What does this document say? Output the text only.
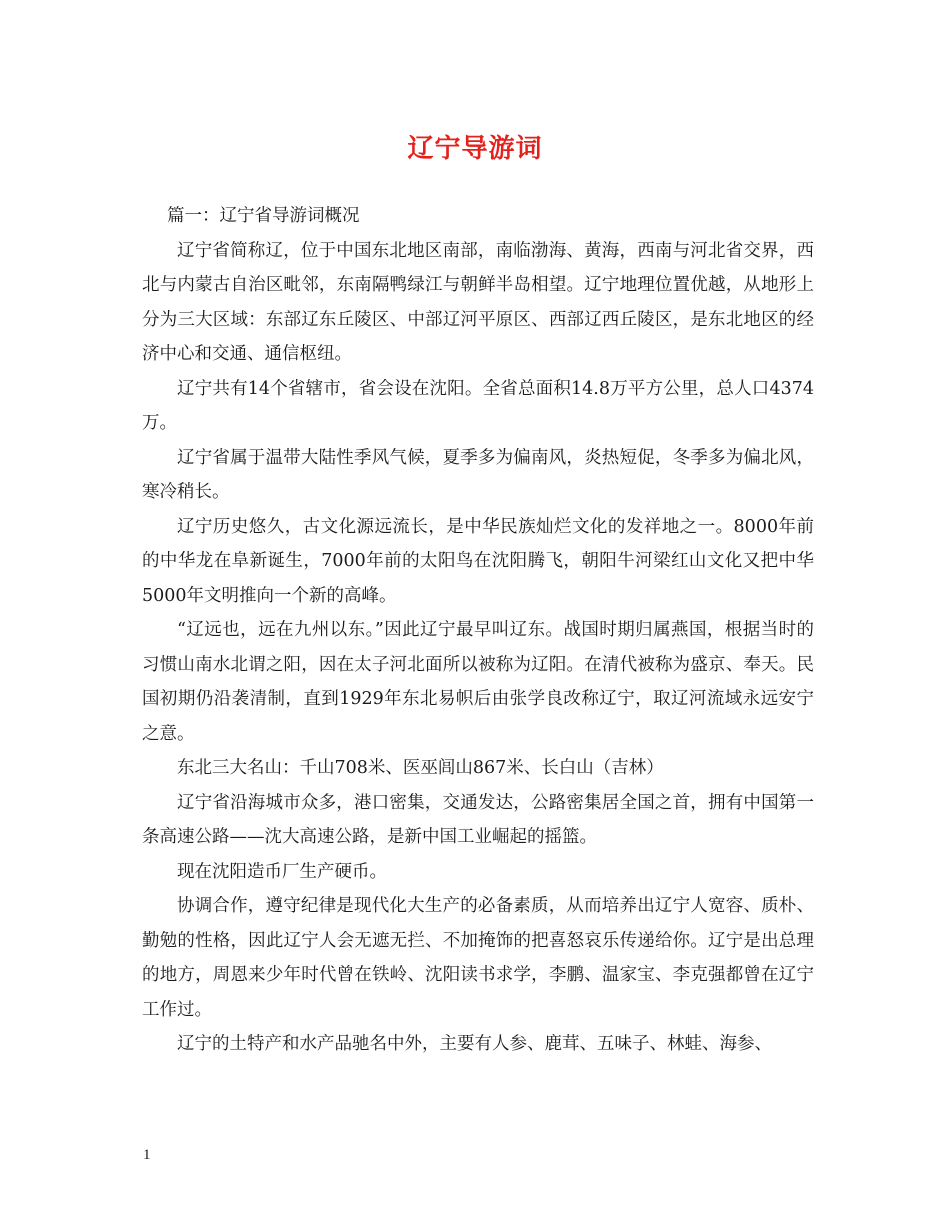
辽宁导游词

篇一：辽宁省导游词概况

辽宁省简称辽，位于中国东北地区南部，南临渤海、黄海，西南与河北省交界，西北与内蒙古自治区毗邻，东南隔鸭绿江与朝鲜半岛相望。辽宁地理位置优越，从地形上分为三大区域：东部辽东丘陵区、中部辽河平原区、西部辽西丘陵区，是东北地区的经济中心和交通、通信枢纽。

辽宁共有14个省辖市，省会设在沈阳。全省总面积14.8万平方公里，总人口4374万。

辽宁省属于温带大陆性季风气候，夏季多为偏南风，炎热短促，冬季多为偏北风，寒冷稍长。

辽宁历史悠久，古文化源远流长，是中华民族灿烂文化的发祥地之一。8000年前的中华龙在阜新诞生，7000年前的太阳鸟在沈阳腾飞，朝阳牛河梁红山文化又把中华5000年文明推向一个新的高峰。

“辽远也，远在九州以东。”因此辽宁最早叫辽东。战国时期归属燕国，根据当时的习惯山南水北谓之阳，因在太子河北面所以被称为辽阳。在清代被称为盛京、奉天。民国初期仍沿袭清制，直到1929年东北易帜后由张学良改称辽宁，取辽河流域永远安宁之意。

东北三大名山：千山708米、医巫闾山867米、长白山（吉林）

辽宁省沿海城市众多，港口密集，交通发达，公路密集居全国之首，拥有中国第一条高速公路——沈大高速公路，是新中国工业崛起的摇篮。

现在沈阳造币厂生产硬币。

协调合作，遵守纪律是现代化大生产的必备素质，从而培养出辽宁人宽容、质朴、勤勉的性格，因此辽宁人会无遮无拦、不加掩饰的把喜怒哀乐传递给你。辽宁是出总理的地方，周恩来少年时代曾在铁岭、沈阳读书求学，李鹏、温家宝、李克强都曾在辽宁工作过。

辽宁的土特产和水产品驰名中外，主要有人参、鹿茸、五味子、林蛙、海参、

1
